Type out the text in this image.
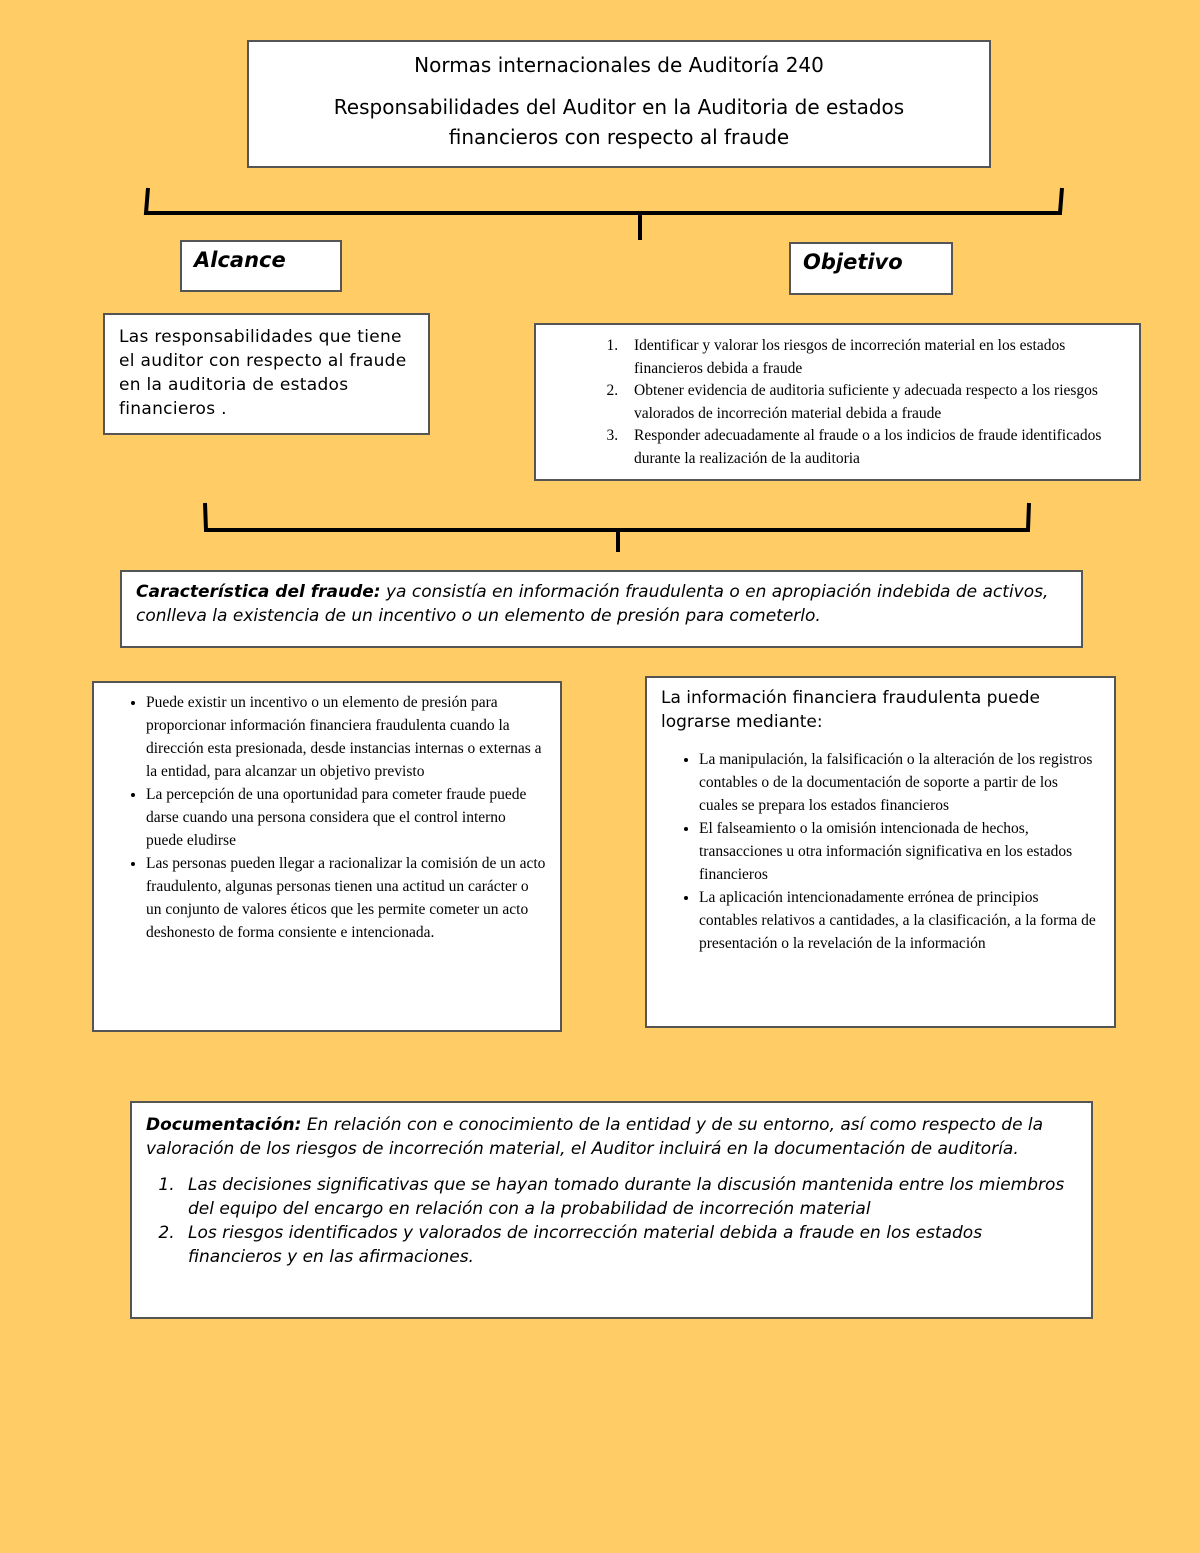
Normas internacionales de Auditoría 240
Responsabilidades del Auditor en la Auditoria de estados financieros con respecto al fraude
Alcance	Objetivo
Las responsabilidades que tiene el auditor con respecto al fraude en la auditoria de estados financieros .
1. Identificar y valorar los riesgos de incorreción material en los estados financieros debida a fraude
2. Obtener evidencia de auditoria suficiente y adecuada respecto a los riesgos valorados de incorreción material debida a fraude
3. Responder adecuadamente al fraude o a los indicios de fraude identificados durante la realización de la auditoria
Característica del fraude: ya consistía en información fraudulenta o en apropiación indebida de activos, conlleva la existencia de un incentivo o un elemento de presión para cometerlo.
• Puede existir un incentivo o un elemento de presión para proporcionar información financiera fraudulenta cuando la dirección esta presionada, desde instancias internas o externas a la entidad, para alcanzar un objetivo previsto
• La percepción de una oportunidad para cometer fraude puede darse cuando una persona considera que el control interno puede eludirse
• Las personas pueden llegar a racionalizar la comisión de un acto fraudulento, algunas personas tienen una actitud un carácter o un conjunto de valores éticos que les permite cometer un acto deshonesto de forma consiente e intencionada.
La información financiera fraudulenta puede lograrse mediante:
• La manipulación, la falsificación o la alteración de los registros contables o de la documentación de soporte a partir de los cuales se prepara los estados financieros
• El falseamiento o la omisión intencionada de hechos, transacciones u otra información significativa en los estados financieros
• La aplicación intencionadamente errónea de principios contables relativos a cantidades, a la clasificación, a la forma de presentación o la revelación de la información
Documentación: En relación con e conocimiento de la entidad y de su entorno, así como respecto de la valoración de los riesgos de incorreción material, el Auditor incluirá en la documentación de auditoría.
1. Las decisiones significativas que se hayan tomado durante la discusión mantenida entre los miembros del equipo del encargo en relación con a la probabilidad de incorreción material
2. Los riesgos identificados y valorados de incorrección material debida a fraude en los estados financieros y en las afirmaciones.
